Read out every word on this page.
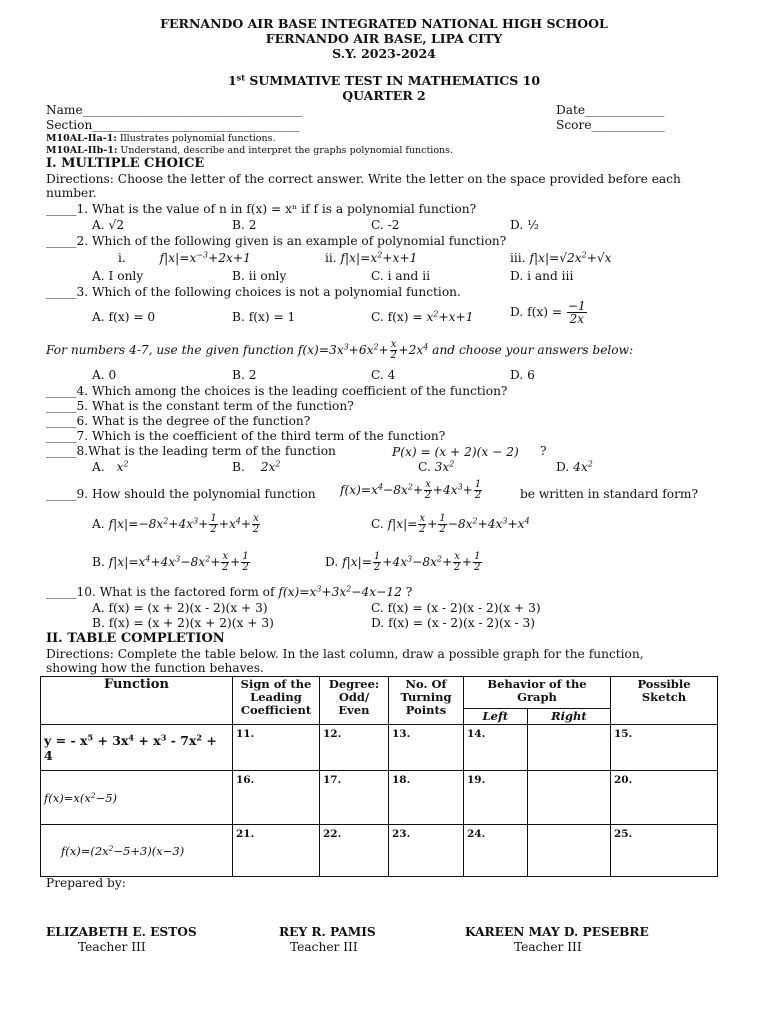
FERNANDO AIR BASE INTEGRATED NATIONAL HIGH SCHOOL
FERNANDO AIR BASE, LIPA CITY
S.Y. 2023-2024
1st SUMMATIVE TEST IN MATHEMATICS 10
QUARTER 2
Name____________________________________
Section__________________________________
Date_____________
Score____________
M10AL-IIa-1: Illustrates polynomial functions.
M10AL-IIb-1: Understand, describe and interpret the graphs polynomial functions.
I. MULTIPLE CHOICE
Directions: Choose the letter of the correct answer. Write the letter on the space provided before each
number.
_____1. What is the value of n in f(x) = xⁿ if f is a polynomial function?
A. √2	B. 2	C. -2	D. ½
_____2. Which of the following given is an example of polynomial function?
i.	$f|x|=x^{-3}+2x+1$	ii. $f|x|=x^2+x+1$	iii. $f|x|=√2x^2+√x$
A. I only	B. ii only	C. i and ii	D. i and iii
_____3. Which of the following choices is not a polynomial function.
A. f(x) = 0	B. f(x) = 1	C. $f(x) = x^2+x+1$	D. $f(x) = \frac{-1}{2x}$
For numbers 4-7, use the given function $f(x)=3x^3+6x^2+ \frac{x}{2} +2x^4$ and choose your answers below:
A. 0	B. 2	C. 4	D. 6
_____4. Which among the choices is the leading coefficient of the function?
_____5. What is the constant term of the function?
_____6. What is the degree of the function?
_____7. Which is the coefficient of the third term of the function?
_____8.What is the leading term of the function	P(x) = (x + 2)(x − 2) ?
A. $x^2$	B. $2x^2$	C. $3x^2$	D. $4x^2$
_____9. How should the polynomial function $f(x)=x^4-8x^2+ \frac{x}{2} +4x^3+ \frac{1}{2}$	be written in standard form?
A. $f|x|=-8x^2+4x^3+ \frac{1}{2} +x^4+ \frac{x}{2}$	C. $f|x|= \frac{x}{2} + \frac{1}{2} -8x^2+4x^3+x^4$
B. $f|x|=x^4+4x^3-8x^2+ \frac{x}{2} + \frac{1}{2}$	D. $f|x|= \frac{1}{2} +4x^3-8x^2+ \frac{x}{2} + \frac{1}{2}$
_____10. What is the factored form of $f(x)=x^3+3x^2-4x-12$ ?
A. f(x) = (x + 2)(x - 2)(x + 3)	C. f(x) = (x - 2)(x - 2)(x + 3)
B. f(x) = (x + 2)(x + 2)(x + 3)	D. f(x) = (x - 2)(x - 2)(x - 3)
II. TABLE COMPLETION
Directions: Complete the table below. In the last column, draw a possible graph for the function,
showing how the function behaves.
Function	Sign of the Leading Coefficient	Degree: Odd/ Even	No. Of Turning Points	Behavior of the Graph		Possible Sketch
				Left	Right	
y = - $x^5 + 3x^4 + x^3 - 7x^2 + 4$	11.	12.	13.	14.		15.
$f(x)=x(x^2-5)$	16.	17.	18.	19.		20.
$f(x)=(2x^2-5+3)(x-3)$	21.	22.	23.	24.		25.
Prepared by:
ELIZABETH E. ESTOS
Teacher III
REY R. PAMIS
Teacher III
KAREEN MAY D. PESEBRE
Teacher III
